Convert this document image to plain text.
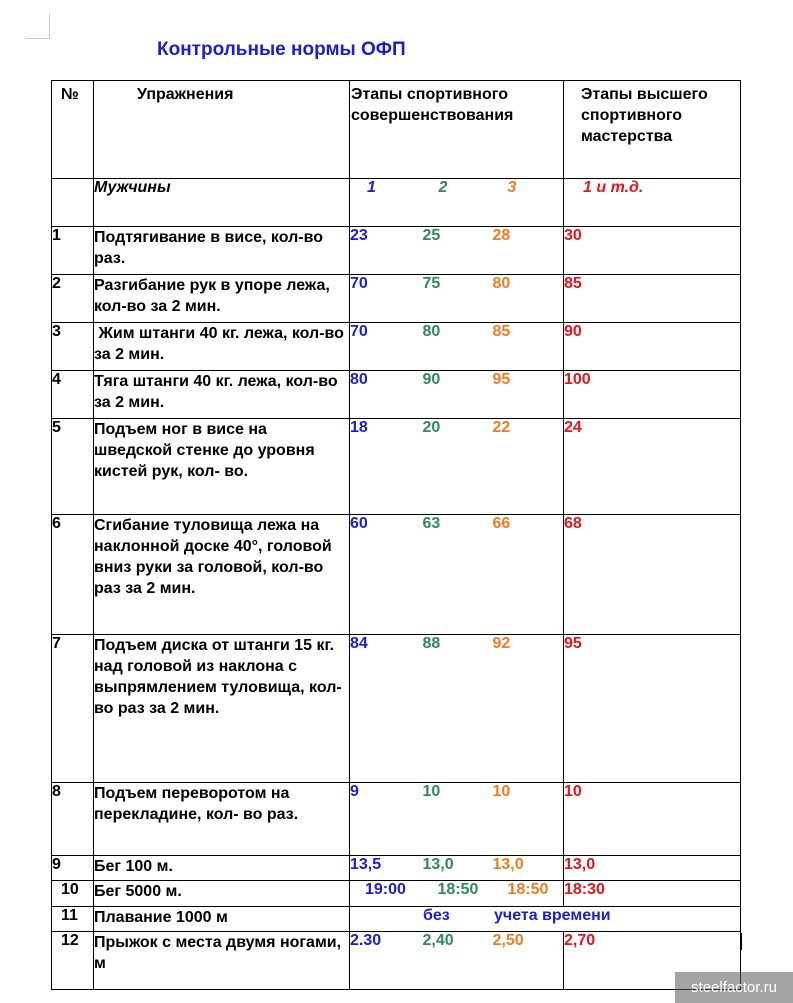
Контрольные нормы ОФП
№	Упражнения	Этапы спортивного
совершенствования			Этапы высшего
спортивного
мастерства

	Мужчины	1	2	3	1 и т.д.
1	Подтягивание в висе, кол-во раз.	23	25	28	30
2	Разгибание рук в упоре лежа, кол-во за 2 мин.	70	75	80	85
3	Жим штанги 40 кг. лежа, кол-во за 2 мин.	70	80	85	90
4	Тяга штанги 40 кг. лежа, кол-во за 2 мин.	80	90	95	100
5	Подъем ног в висе на шведской стенке до уровня кистей рук, кол- во.	18	20	22	24
6	Сгибание туловища лежа на наклонной доске 40°, головой вниз руки за головой, кол-во раз за 2 мин.	60	63	66	68
7	Подъем диска от штанги 15 кг. над головой из наклона с выпрямлением туловища, кол-во раз за 2 мин.	84	88	92	95
8	Подъем переворотом на перекладине, кол- во раз.	9	10	10	10
9	Бег 100 м.	13,5	13,0	13,0	13,0
10	Бег 5000 м.	19:00	18:50	18:50	18:30
11	Плавание 1000 м	без учета времени			

12	Прыжок с места двумя ногами, м	2.30	2,40	2,50	2,70
steelfactor.ru
